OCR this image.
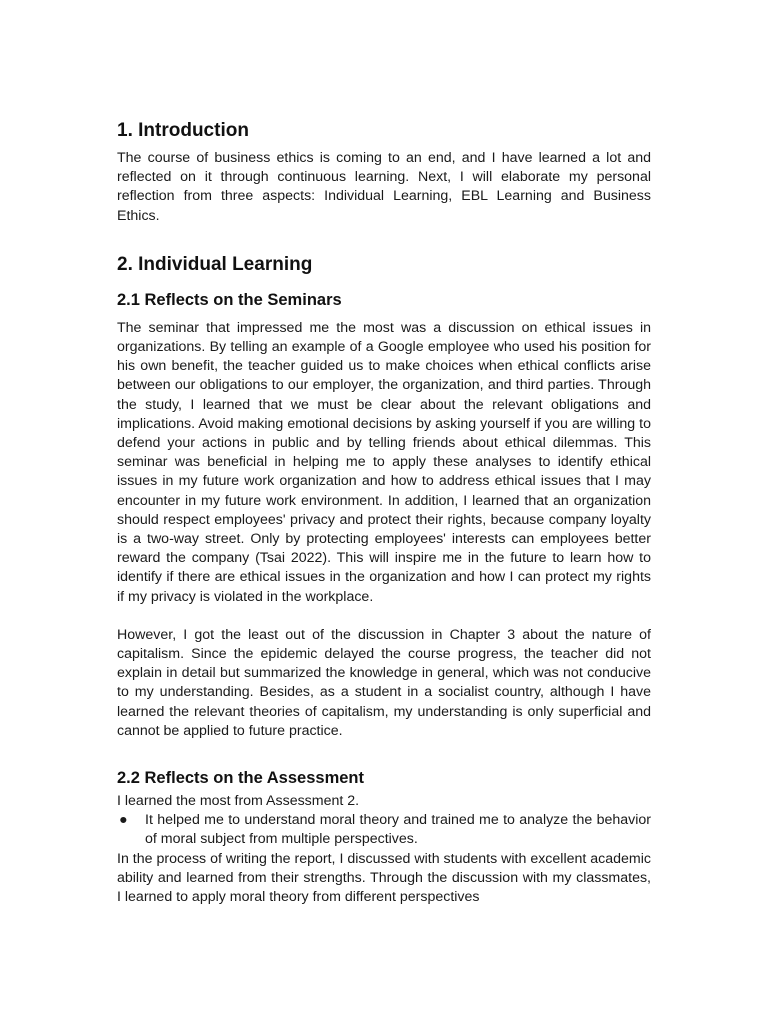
1. Introduction

The course of business ethics is coming to an end, and I have learned a lot and reflected on it through continuous learning. Next, I will elaborate my personal reflection from three aspects: Individual Learning, EBL Learning and Business Ethics.

2. Individual Learning
2.1 Reflects on the Seminars

The seminar that impressed me the most was a discussion on ethical issues in organizations. By telling an example of a Google employee who used his position for his own benefit, the teacher guided us to make choices when ethical conflicts arise between our obligations to our employer, the organization, and third parties. Through the study, I learned that we must be clear about the relevant obligations and implications. Avoid making emotional decisions by asking yourself if you are willing to defend your actions in public and by telling friends about ethical dilemmas. This seminar was beneficial in helping me to apply these analyses to identify ethical issues in my future work organization and how to address ethical issues that I may encounter in my future work environment. In addition, I learned that an organization should respect employees' privacy and protect their rights, because company loyalty is a two-way street. Only by protecting employees' interests can employees better reward the company (Tsai 2022). This will inspire me in the future to learn how to identify if there are ethical issues in the organization and how I can protect my rights if my privacy is violated in the workplace.

However, I got the least out of the discussion in Chapter 3 about the nature of capitalism. Since the epidemic delayed the course progress, the teacher did not explain in detail but summarized the knowledge in general, which was not conducive to my understanding. Besides, as a student in a socialist country, although I have learned the relevant theories of capitalism, my understanding is only superficial and cannot be applied to future practice.

2.2 Reflects on the Assessment

I learned the most from Assessment 2.

●	It helped me to understand moral theory and trained me to analyze the behavior of moral subject from multiple perspectives.

In the process of writing the report, I discussed with students with excellent academic ability and learned from their strengths. Through the discussion with my classmates, I learned to apply moral theory from different perspectives
